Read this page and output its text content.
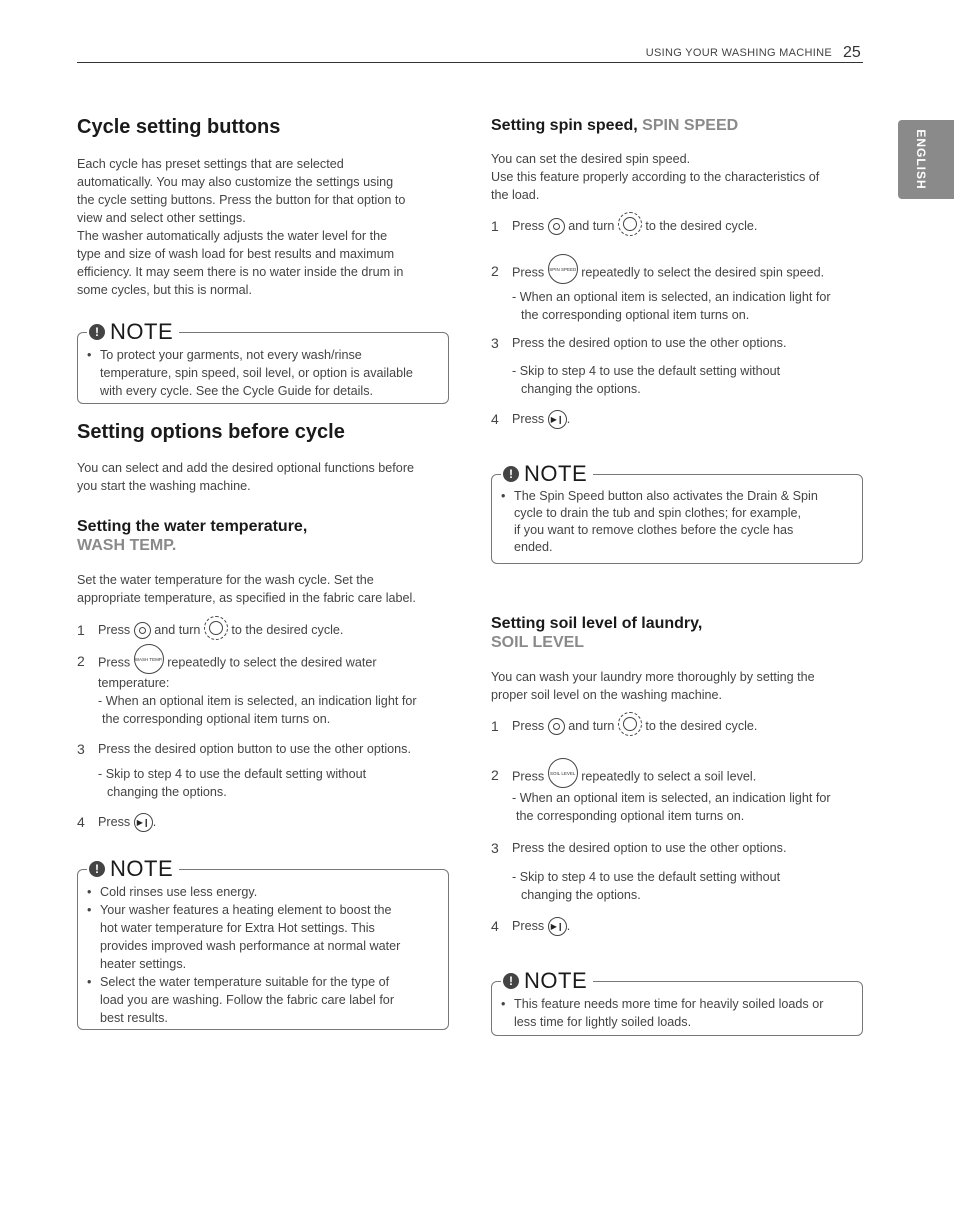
USING YOUR WASHING MACHINE 25
ENGLISH
Cycle setting buttons
Each cycle has preset settings that are selected
automatically. You may also customize the settings using
the cycle setting buttons. Press the button for that option to
view and select other settings.
The washer automatically adjusts the water level for the
type and size of wash load for best results and maximum
efficiency. It may seem there is no water inside the drum in
some cycles, but this is normal.
! NOTE
• To protect your garments, not every wash/rinse
temperature, spin speed, soil level, or option is available
with every cycle. See the Cycle Guide for details.
Setting options before cycle
You can select and add the desired optional functions before
you start the washing machine.
Setting the water temperature,
WASH TEMP.
Set the water temperature for the wash cycle. Set the
appropriate temperature, as specified in the fabric care label.
1 Press and turn to the desired cycle.
2 Press WASH TEMP. repeatedly to select the desired water
temperature:
- When an optional item is selected, an indication light for
the corresponding optional item turns on.
3 Press the desired option button to use the other options.
- Skip to step 4 to use the default setting without
changing the options.
4 Press ▶❙ .
! NOTE
• Cold rinses use less energy.
• Your washer features a heating element to boost the
hot water temperature for Extra Hot settings. This
provides improved wash performance at normal water
heater settings.
• Select the water temperature suitable for the type of
load you are washing. Follow the fabric care label for
best results.
Setting spin speed, SPIN SPEED
You can set the desired spin speed.
Use this feature properly according to the characteristics of
the load.
1 Press and turn to the desired cycle.
2 Press SPIN SPEED repeatedly to select the desired spin speed.
- When an optional item is selected, an indication light for
the corresponding optional item turns on.
3 Press the desired option to use the other options.
- Skip to step 4 to use the default setting without
changing the options.
4 Press ▶❙ .
! NOTE
• The Spin Speed button also activates the Drain & Spin
cycle to drain the tub and spin clothes; for example,
if you want to remove clothes before the cycle has
ended.
Setting soil level of laundry,
SOIL LEVEL
You can wash your laundry more thoroughly by setting the
proper soil level on the washing machine.
1 Press and turn to the desired cycle.
2 Press SOIL LEVEL repeatedly to select a soil level.
- When an optional item is selected, an indication light for
the corresponding optional item turns on.
3 Press the desired option to use the other options.
- Skip to step 4 to use the default setting without
changing the options.
4 Press ▶❙ .
! NOTE
• This feature needs more time for heavily soiled loads or
less time for lightly soiled loads.
